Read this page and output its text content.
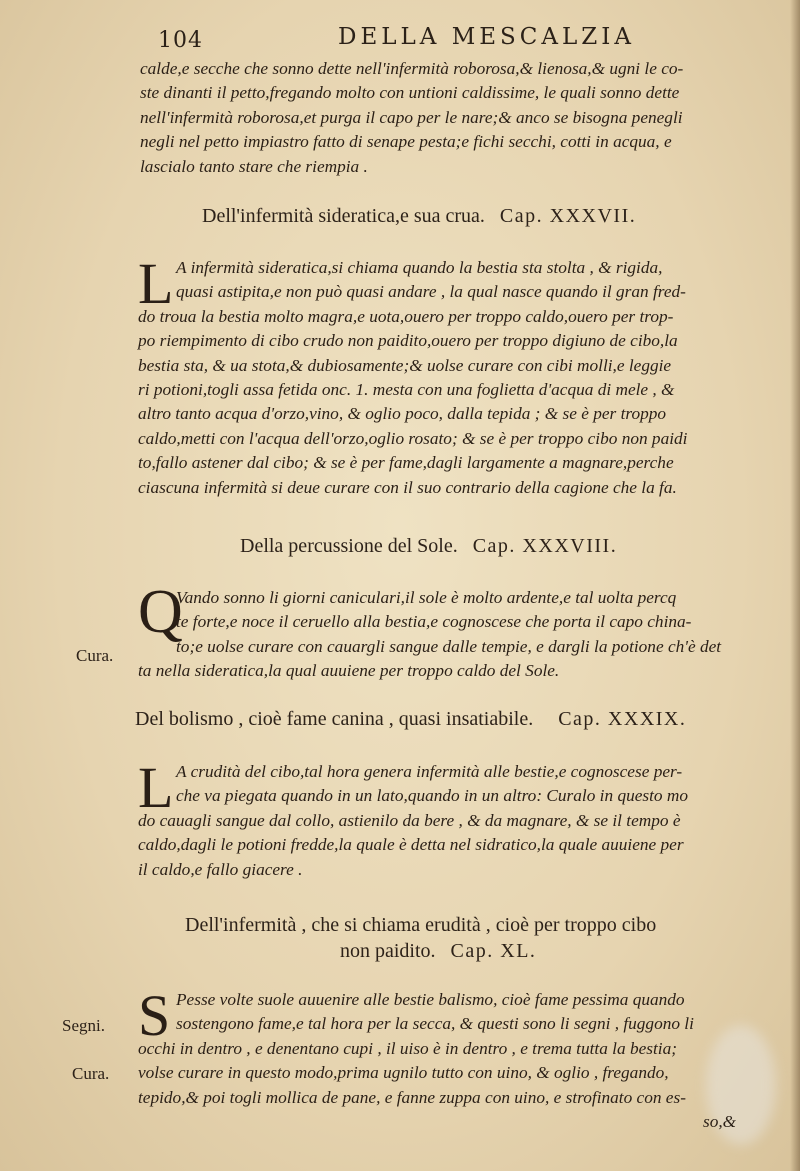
104	DELLA MESCALZIA
calde,e secche che sonno dette nell'infermità roborosa,& lienosa,& ugni le co-
ste dinanti il petto,fregando molto con untioni caldissime, le quali sonno dette
nell'infermità roborosa,et purga il capo per le nare;& anco se bisogna penegli
negli nel petto impiastro fatto di senape pesta;e fichi secchi, cotti in acqua, e
lascialo tanto stare che riempia .
Dell'infermità sideratica,e sua crua. Cap. XXXVII.
L A infermità sideratica,si chiama quando la bestia sta stolta , & rigida,
quasi astipita,e non può quasi andare , la qual nasce quando il gran fred-
do troua la bestia molto magra,e uota,ouero per troppo caldo,ouero per trop-
po riempimento di cibo crudo non paidito,ouero per troppo digiuno de cibo,la
bestia sta, & ua stota,& dubiosamente;& uolse curare con cibi molli,e leggie
ri potioni,togli assa fetida onc. 1. mesta con una foglietta d'acqua di mele , &
altro tanto acqua d'orzo,vino, & oglio poco, dalla tepida ; & se è per troppo
caldo,metti con l'acqua dell'orzo,oglio rosato; & se è per troppo cibo non paidi
to,fallo astener dal cibo; & se è per fame,dagli largamente a magnare,perche
ciascuna infermità si deue curare con il suo contrario della cagione che la fa.
Della percussione del Sole. Cap. XXXVIII.
Cura.
Q
Vando sonno li giorni caniculari,il sole è molto ardente,e tal uolta percq
te forte,e noce il ceruello alla bestia,e cognoscese che porta il capo china-
to;e uolse curare con cauargli sangue dalle tempie, e dargli la potione ch'è det
ta nella sideratica,la qual auuiene per troppo caldo del Sole.
Del bolismo , cioè fame canina , quasi insatiabile. Cap. XXXIX.
L A crudità del cibo,tal hora genera infermità alle bestie,e cognoscese per-
che va piegata quando in un lato,quando in un altro: Curalo in questo mo
do cauagli sangue dal collo, astienilo da bere , & da magnare, & se il tempo è
caldo,dagli le potioni fredde,la quale è detta nel sidratico,la quale auuiene per
il caldo,e fallo giacere .
Dell'infermità , che si chiama erudità , cioè per troppo cibo
non paidito. Cap. XL.
Segni.
Cura.
S Pesse volte suole auuenire alle bestie balismo, cioè fame pessima quando
sostengono fame,e tal hora per la secca, & questi sono li segni , fuggono li
occhi in dentro , e denentano cupi , il uiso è in dentro , e trema tutta la bestia;
volse curare in questo modo,prima ugnilo tutto con uino, & oglio , fregando,
tepido,& poi togli mollica de pane, e fanne zuppa con uino, e strofinato con es-
so,&
